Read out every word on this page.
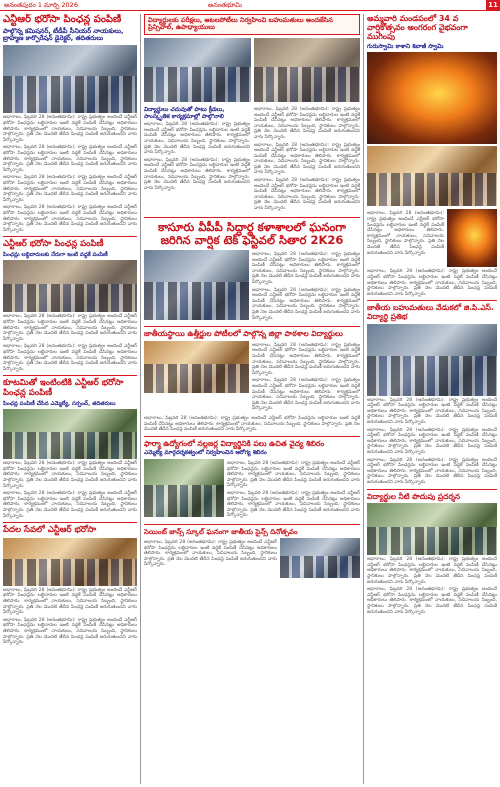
అనంతపురం 1 మార్చి 2026	అనంతభూమి	11

ఎన్టీఆర్ భరోసా పింఛన్ల పంపిణీ

పాల్గొన్న కమిషనర్, టీడీపీ సీనియర్ నాయకులు, బ్రాహ్మణ కార్పొరేషన్ డైరెక్టర్, తదితరులు

ఆధారాలు, ఫిబ్రవరి 28 (అనంతభూమి): రాష్ట్ర ప్రభుత్వం అందించే ఎన్టీఆర్ భరోసా పింఛన్లను లబ్ధిదారుల ఇంటి వద్దకే పంపిణీ చేసినట్లు అధికారులు తెలిపారు. కార్యక్రమంలో నాయకులు, సచివాలయ సిబ్బంది, స్థానికులు పాల్గొన్నారు. ప్రతి నెల మొదటి తేదీన పింఛన్ల పంపిణీ జరుగుతుందని వారు పేర్కొన్నారు.

ఆధారాలు, ఫిబ్రవరి 28 (అనంతభూమి): రాష్ట్ర ప్రభుత్వం అందించే ఎన్టీఆర్ భరోసా పింఛన్లను లబ్ధిదారుల ఇంటి వద్దకే పంపిణీ చేసినట్లు అధికారులు తెలిపారు. కార్యక్రమంలో నాయకులు, సచివాలయ సిబ్బంది, స్థానికులు పాల్గొన్నారు. ప్రతి నెల మొదటి తేదీన పింఛన్ల పంపిణీ జరుగుతుందని వారు పేర్కొన్నారు.

ఆధారాలు, ఫిబ్రవరి 28 (అనంతభూమి): రాష్ట్ర ప్రభుత్వం అందించే ఎన్టీఆర్ భరోసా పింఛన్లను లబ్ధిదారుల ఇంటి వద్దకే పంపిణీ చేసినట్లు అధికారులు తెలిపారు. కార్యక్రమంలో నాయకులు, సచివాలయ సిబ్బంది, స్థానికులు పాల్గొన్నారు. ప్రతి నెల మొదటి తేదీన పింఛన్ల పంపిణీ జరుగుతుందని వారు పేర్కొన్నారు.

ఆధారాలు, ఫిబ్రవరి 28 (అనంతభూమి): రాష్ట్ర ప్రభుత్వం అందించే ఎన్టీఆర్ భరోసా పింఛన్లను లబ్ధిదారుల ఇంటి వద్దకే పంపిణీ చేసినట్లు అధికారులు తెలిపారు. కార్యక్రమంలో నాయకులు, సచివాలయ సిబ్బంది, స్థానికులు పాల్గొన్నారు. ప్రతి నెల మొదటి తేదీన పింఛన్ల పంపిణీ జరుగుతుందని వారు పేర్కొన్నారు.

ఎన్టీఆర్ భరోసా పింఛన్ల పంపిణీ

పింఛన్లు లబ్ధిదారులకు నేరుగా ఇంటి వద్దకే పంపిణీ

ఆధారాలు, ఫిబ్రవరి 28 (అనంతభూమి): రాష్ట్ర ప్రభుత్వం అందించే ఎన్టీఆర్ భరోసా పింఛన్లను లబ్ధిదారుల ఇంటి వద్దకే పంపిణీ చేసినట్లు అధికారులు తెలిపారు. కార్యక్రమంలో నాయకులు, సచివాలయ సిబ్బంది, స్థానికులు పాల్గొన్నారు. ప్రతి నెల మొదటి తేదీన పింఛన్ల పంపిణీ జరుగుతుందని వారు పేర్కొన్నారు.

ఆధారాలు, ఫిబ్రవరి 28 (అనంతభూమి): రాష్ట్ర ప్రభుత్వం అందించే ఎన్టీఆర్ భరోసా పింఛన్లను లబ్ధిదారుల ఇంటి వద్దకే పంపిణీ చేసినట్లు అధికారులు తెలిపారు. కార్యక్రమంలో నాయకులు, సచివాలయ సిబ్బంది, స్థానికులు పాల్గొన్నారు. ప్రతి నెల మొదటి తేదీన పింఛన్ల పంపిణీ జరుగుతుందని వారు పేర్కొన్నారు.

కూటమితో ఇంటింటికి ఎన్టీఆర్ భరోసా పింఛన్ల పంపిణీ

పింఛన్ల పంపిణీ చేసిన ఎమ్మెల్యే, సర్పంచ్, తదితరులు

ఆధారాలు, ఫిబ్రవరి 28 (అనంతభూమి): రాష్ట్ర ప్రభుత్వం అందించే ఎన్టీఆర్ భరోసా పింఛన్లను లబ్ధిదారుల ఇంటి వద్దకే పంపిణీ చేసినట్లు అధికారులు తెలిపారు. కార్యక్రమంలో నాయకులు, సచివాలయ సిబ్బంది, స్థానికులు పాల్గొన్నారు. ప్రతి నెల మొదటి తేదీన పింఛన్ల పంపిణీ జరుగుతుందని వారు పేర్కొన్నారు.

ఆధారాలు, ఫిబ్రవరి 28 (అనంతభూమి): రాష్ట్ర ప్రభుత్వం అందించే ఎన్టీఆర్ భరోసా పింఛన్లను లబ్ధిదారుల ఇంటి వద్దకే పంపిణీ చేసినట్లు అధికారులు తెలిపారు. కార్యక్రమంలో నాయకులు, సచివాలయ సిబ్బంది, స్థానికులు పాల్గొన్నారు. ప్రతి నెల మొదటి తేదీన పింఛన్ల పంపిణీ జరుగుతుందని వారు పేర్కొన్నారు.

పేదల సేవలో ఎన్టీఆర్ భరోసా

ఆధారాలు, ఫిబ్రవరి 28 (అనంతభూమి): రాష్ట్ర ప్రభుత్వం అందించే ఎన్టీఆర్ భరోసా పింఛన్లను లబ్ధిదారుల ఇంటి వద్దకే పంపిణీ చేసినట్లు అధికారులు తెలిపారు. కార్యక్రమంలో నాయకులు, సచివాలయ సిబ్బంది, స్థానికులు పాల్గొన్నారు. ప్రతి నెల మొదటి తేదీన పింఛన్ల పంపిణీ జరుగుతుందని వారు పేర్కొన్నారు.

ఆధారాలు, ఫిబ్రవరి 28 (అనంతభూమి): రాష్ట్ర ప్రభుత్వం అందించే ఎన్టీఆర్ భరోసా పింఛన్లను లబ్ధిదారుల ఇంటి వద్దకే పంపిణీ చేసినట్లు అధికారులు తెలిపారు. కార్యక్రమంలో నాయకులు, సచివాలయ సిబ్బంది, స్థానికులు పాల్గొన్నారు. ప్రతి నెల మొదటి తేదీన పింఛన్ల పంపిణీ జరుగుతుందని వారు పేర్కొన్నారు.

విద్యార్థులకు పరీక్షలు, ఆటలపోటీలు నిర్వహించి బహుమతులు అందజేసిన ప్రిన్సిపాల్, ఉపాధ్యాయులు

విద్యార్థులు చదువుతో పాటు క్రీడలు, సాంస్కృతిక కార్యక్రమాల్లో పాల్గొనాలి

ఆధారాలు, ఫిబ్రవరి 28 (అనంతభూమి): రాష్ట్ర ప్రభుత్వం అందించే ఎన్టీఆర్ భరోసా పింఛన్లను లబ్ధిదారుల ఇంటి వద్దకే పంపిణీ చేసినట్లు అధికారులు తెలిపారు. కార్యక్రమంలో నాయకులు, సచివాలయ సిబ్బంది, స్థానికులు పాల్గొన్నారు. ప్రతి నెల మొదటి తేదీన పింఛన్ల పంపిణీ జరుగుతుందని వారు పేర్కొన్నారు.

ఆధారాలు, ఫిబ్రవరి 28 (అనంతభూమి): రాష్ట్ర ప్రభుత్వం అందించే ఎన్టీఆర్ భరోసా పింఛన్లను లబ్ధిదారుల ఇంటి వద్దకే పంపిణీ చేసినట్లు అధికారులు తెలిపారు. కార్యక్రమంలో నాయకులు, సచివాలయ సిబ్బంది, స్థానికులు పాల్గొన్నారు. ప్రతి నెల మొదటి తేదీన పింఛన్ల పంపిణీ జరుగుతుందని వారు పేర్కొన్నారు.

ఆధారాలు, ఫిబ్రవరి 28 (అనంతభూమి): రాష్ట్ర ప్రభుత్వం అందించే ఎన్టీఆర్ భరోసా పింఛన్లను లబ్ధిదారుల ఇంటి వద్దకే పంపిణీ చేసినట్లు అధికారులు తెలిపారు. కార్యక్రమంలో నాయకులు, సచివాలయ సిబ్బంది, స్థానికులు పాల్గొన్నారు. ప్రతి నెల మొదటి తేదీన పింఛన్ల పంపిణీ జరుగుతుందని వారు పేర్కొన్నారు.

ఆధారాలు, ఫిబ్రవరి 28 (అనంతభూమి): రాష్ట్ర ప్రభుత్వం అందించే ఎన్టీఆర్ భరోసా పింఛన్లను లబ్ధిదారుల ఇంటి వద్దకే పంపిణీ చేసినట్లు అధికారులు తెలిపారు. కార్యక్రమంలో నాయకులు, సచివాలయ సిబ్బంది, స్థానికులు పాల్గొన్నారు. ప్రతి నెల మొదటి తేదీన పింఛన్ల పంపిణీ జరుగుతుందని వారు పేర్కొన్నారు.

ఆధారాలు, ఫిబ్రవరి 28 (అనంతభూమి): రాష్ట్ర ప్రభుత్వం అందించే ఎన్టీఆర్ భరోసా పింఛన్లను లబ్ధిదారుల ఇంటి వద్దకే పంపిణీ చేసినట్లు అధికారులు తెలిపారు. కార్యక్రమంలో నాయకులు, సచివాలయ సిబ్బంది, స్థానికులు పాల్గొన్నారు. ప్రతి నెల మొదటి తేదీన పింఛన్ల పంపిణీ జరుగుతుందని వారు పేర్కొన్నారు.

కాసూరు వీపీపీ సిద్ధార్థ కళాశాలలో ఘనంగా జరిగిన వార్షిక టెక్ ఫెస్టివల్ సితార 2K26

ఆధారాలు, ఫిబ్రవరి 28 (అనంతభూమి): రాష్ట్ర ప్రభుత్వం అందించే ఎన్టీఆర్ భరోసా పింఛన్లను లబ్ధిదారుల ఇంటి వద్దకే పంపిణీ చేసినట్లు అధికారులు తెలిపారు. కార్యక్రమంలో నాయకులు, సచివాలయ సిబ్బంది, స్థానికులు పాల్గొన్నారు. ప్రతి నెల మొదటి తేదీన పింఛన్ల పంపిణీ జరుగుతుందని వారు పేర్కొన్నారు.

ఆధారాలు, ఫిబ్రవరి 28 (అనంతభూమి): రాష్ట్ర ప్రభుత్వం అందించే ఎన్టీఆర్ భరోసా పింఛన్లను లబ్ధిదారుల ఇంటి వద్దకే పంపిణీ చేసినట్లు అధికారులు తెలిపారు. కార్యక్రమంలో నాయకులు, సచివాలయ సిబ్బంది, స్థానికులు పాల్గొన్నారు. ప్రతి నెల మొదటి తేదీన పింఛన్ల పంపిణీ జరుగుతుందని వారు పేర్కొన్నారు.

జాతీయస్థాయి ఉత్తీర్ణుల పోటీలలో పాల్గొన్న జిల్లా పాఠశాల విద్యార్థులు

ఆధారాలు, ఫిబ్రవరి 28 (అనంతభూమి): రాష్ట్ర ప్రభుత్వం అందించే ఎన్టీఆర్ భరోసా పింఛన్లను లబ్ధిదారుల ఇంటి వద్దకే పంపిణీ చేసినట్లు అధికారులు తెలిపారు. కార్యక్రమంలో నాయకులు, సచివాలయ సిబ్బంది, స్థానికులు పాల్గొన్నారు. ప్రతి నెల మొదటి తేదీన పింఛన్ల పంపిణీ జరుగుతుందని వారు పేర్కొన్నారు.

ఆధారాలు, ఫిబ్రవరి 28 (అనంతభూమి): రాష్ట్ర ప్రభుత్వం అందించే ఎన్టీఆర్ భరోసా పింఛన్లను లబ్ధిదారుల ఇంటి వద్దకే పంపిణీ చేసినట్లు అధికారులు తెలిపారు. కార్యక్రమంలో నాయకులు, సచివాలయ సిబ్బంది, స్థానికులు పాల్గొన్నారు. ప్రతి నెల మొదటి తేదీన పింఛన్ల పంపిణీ జరుగుతుందని వారు పేర్కొన్నారు.

ఆధారాలు, ఫిబ్రవరి 28 (అనంతభూమి): రాష్ట్ర ప్రభుత్వం అందించే ఎన్టీఆర్ భరోసా పింఛన్లను లబ్ధిదారుల ఇంటి వద్దకే పంపిణీ చేసినట్లు అధికారులు తెలిపారు. కార్యక్రమంలో నాయకులు, సచివాలయ సిబ్బంది, స్థానికులు పాల్గొన్నారు. ప్రతి నెల మొదటి తేదీన పింఛన్ల పంపిణీ జరుగుతుందని వారు పేర్కొన్నారు.

ఫార్మా ఉద్యోగంలో నల్లజర్ల విద్యార్థినికి పలు ఉచిత వైద్య శిబిరం

ఎమ్మెల్యే మార్గదర్శకత్వంలో నిర్వహించిన ఆరోగ్య శిబిరం

ఆధారాలు, ఫిబ్రవరి 28 (అనంతభూమి): రాష్ట్ర ప్రభుత్వం అందించే ఎన్టీఆర్ భరోసా పింఛన్లను లబ్ధిదారుల ఇంటి వద్దకే పంపిణీ చేసినట్లు అధికారులు తెలిపారు. కార్యక్రమంలో నాయకులు, సచివాలయ సిబ్బంది, స్థానికులు పాల్గొన్నారు. ప్రతి నెల మొదటి తేదీన పింఛన్ల పంపిణీ జరుగుతుందని వారు పేర్కొన్నారు.

ఆధారాలు, ఫిబ్రవరి 28 (అనంతభూమి): రాష్ట్ర ప్రభుత్వం అందించే ఎన్టీఆర్ భరోసా పింఛన్లను లబ్ధిదారుల ఇంటి వద్దకే పంపిణీ చేసినట్లు అధికారులు తెలిపారు. కార్యక్రమంలో నాయకులు, సచివాలయ సిబ్బంది, స్థానికులు పాల్గొన్నారు. ప్రతి నెల మొదటి తేదీన పింఛన్ల పంపిణీ జరుగుతుందని వారు పేర్కొన్నారు.

సెయింట్ జాన్స్ స్కూల్ ఘనంగా జాతీయ సైన్స్ దినోత్సవం

ఆధారాలు, ఫిబ్రవరి 28 (అనంతభూమి): రాష్ట్ర ప్రభుత్వం అందించే ఎన్టీఆర్ భరోసా పింఛన్లను లబ్ధిదారుల ఇంటి వద్దకే పంపిణీ చేసినట్లు అధికారులు తెలిపారు. కార్యక్రమంలో నాయకులు, సచివాలయ సిబ్బంది, స్థానికులు పాల్గొన్నారు. ప్రతి నెల మొదటి తేదీన పింఛన్ల పంపిణీ జరుగుతుందని వారు పేర్కొన్నారు.

అమ్మవారి మండపంలో 34 వ వార్షికోత్సవం అంగరంగ వైభవంగా ముగింపు

గురుస్వామి కాశాని శివాజీ స్వామి

ఆధారాలు, ఫిబ్రవరి 28 (అనంతభూమి): రాష్ట్ర ప్రభుత్వం అందించే ఎన్టీఆర్ భరోసా పింఛన్లను లబ్ధిదారుల ఇంటి వద్దకే పంపిణీ చేసినట్లు అధికారులు తెలిపారు. కార్యక్రమంలో నాయకులు, సచివాలయ సిబ్బంది, స్థానికులు పాల్గొన్నారు. ప్రతి నెల మొదటి తేదీన పింఛన్ల పంపిణీ జరుగుతుందని వారు పేర్కొన్నారు.

ఆధారాలు, ఫిబ్రవరి 28 (అనంతభూమి): రాష్ట్ర ప్రభుత్వం అందించే ఎన్టీఆర్ భరోసా పింఛన్లను లబ్ధిదారుల ఇంటి వద్దకే పంపిణీ చేసినట్లు అధికారులు తెలిపారు. కార్యక్రమంలో నాయకులు, సచివాలయ సిబ్బంది, స్థానికులు పాల్గొన్నారు. ప్రతి నెల మొదటి తేదీన పింఛన్ల పంపిణీ జరుగుతుందని వారు పేర్కొన్నారు.

జాతీయ బహుమతులు వేడుకలో జి.పి.ఎస్. విద్యార్థి ప్రతిభ

ఆధారాలు, ఫిబ్రవరి 28 (అనంతభూమి): రాష్ట్ర ప్రభుత్వం అందించే ఎన్టీఆర్ భరోసా పింఛన్లను లబ్ధిదారుల ఇంటి వద్దకే పంపిణీ చేసినట్లు అధికారులు తెలిపారు. కార్యక్రమంలో నాయకులు, సచివాలయ సిబ్బంది, స్థానికులు పాల్గొన్నారు. ప్రతి నెల మొదటి తేదీన పింఛన్ల పంపిణీ జరుగుతుందని వారు పేర్కొన్నారు.

ఆధారాలు, ఫిబ్రవరి 28 (అనంతభూమి): రాష్ట్ర ప్రభుత్వం అందించే ఎన్టీఆర్ భరోసా పింఛన్లను లబ్ధిదారుల ఇంటి వద్దకే పంపిణీ చేసినట్లు అధికారులు తెలిపారు. కార్యక్రమంలో నాయకులు, సచివాలయ సిబ్బంది, స్థానికులు పాల్గొన్నారు. ప్రతి నెల మొదటి తేదీన పింఛన్ల పంపిణీ జరుగుతుందని వారు పేర్కొన్నారు.

ఆధారాలు, ఫిబ్రవరి 28 (అనంతభూమి): రాష్ట్ర ప్రభుత్వం అందించే ఎన్టీఆర్ భరోసా పింఛన్లను లబ్ధిదారుల ఇంటి వద్దకే పంపిణీ చేసినట్లు అధికారులు తెలిపారు. కార్యక్రమంలో నాయకులు, సచివాలయ సిబ్బంది, స్థానికులు పాల్గొన్నారు. ప్రతి నెల మొదటి తేదీన పింఛన్ల పంపిణీ జరుగుతుందని వారు పేర్కొన్నారు.

విద్యార్థుల నీటి పొదుపు ప్రదర్శన

ఆధారాలు, ఫిబ్రవరి 28 (అనంతభూమి): రాష్ట్ర ప్రభుత్వం అందించే ఎన్టీఆర్ భరోసా పింఛన్లను లబ్ధిదారుల ఇంటి వద్దకే పంపిణీ చేసినట్లు అధికారులు తెలిపారు. కార్యక్రమంలో నాయకులు, సచివాలయ సిబ్బంది, స్థానికులు పాల్గొన్నారు. ప్రతి నెల మొదటి తేదీన పింఛన్ల పంపిణీ జరుగుతుందని వారు పేర్కొన్నారు.

ఆధారాలు, ఫిబ్రవరి 28 (అనంతభూమి): రాష్ట్ర ప్రభుత్వం అందించే ఎన్టీఆర్ భరోసా పింఛన్లను లబ్ధిదారుల ఇంటి వద్దకే పంపిణీ చేసినట్లు అధికారులు తెలిపారు. కార్యక్రమంలో నాయకులు, సచివాలయ సిబ్బంది, స్థానికులు పాల్గొన్నారు. ప్రతి నెల మొదటి తేదీన పింఛన్ల పంపిణీ జరుగుతుందని వారు పేర్కొన్నారు.
